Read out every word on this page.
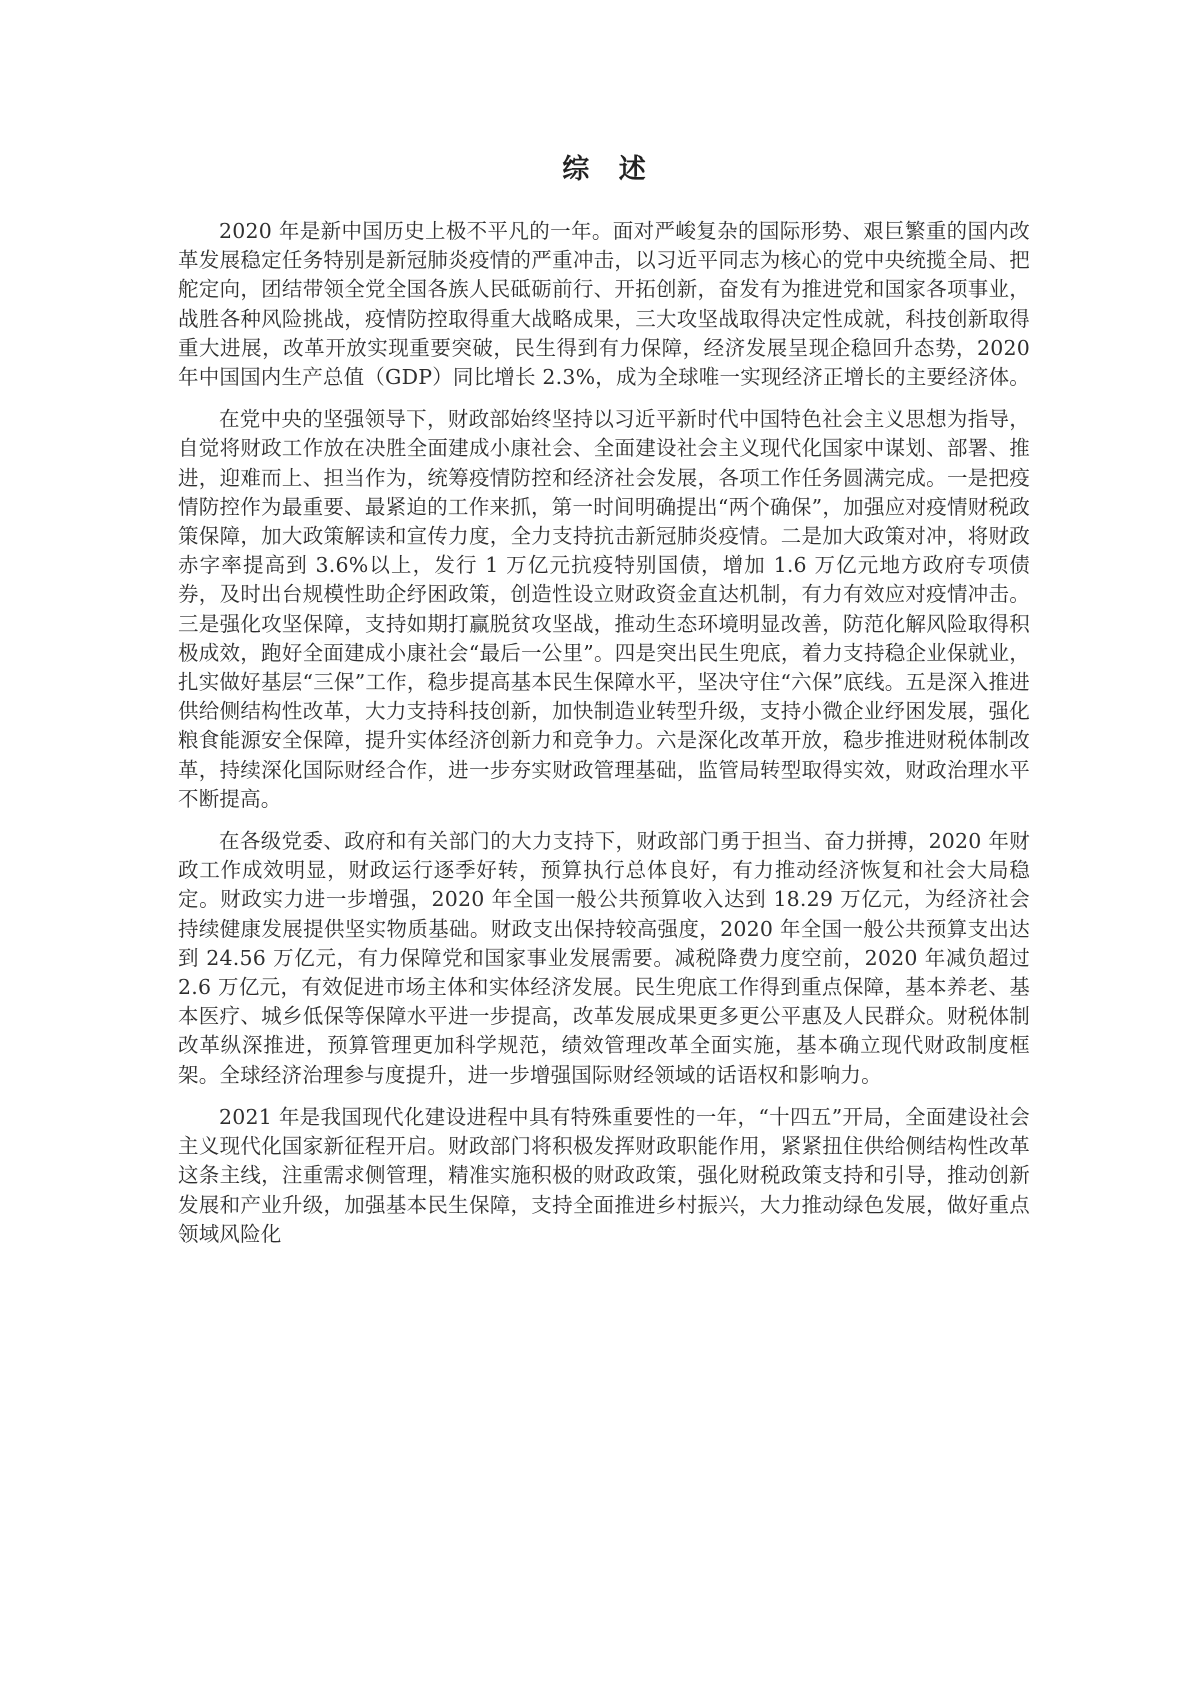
综 述

2020 年是新中国历史上极不平凡的一年。面对严峻复杂的国际形势、艰巨繁重的国内改革发展稳定任务特别是新冠肺炎疫情的严重冲击，以习近平同志为核心的党中央统揽全局、把舵定向，团结带领全党全国各族人民砥砺前行、开拓创新，奋发有为推进党和国家各项事业，战胜各种风险挑战，疫情防控取得重大战略成果，三大攻坚战取得决定性成就，科技创新取得重大进展，改革开放实现重要突破，民生得到有力保障，经济发展呈现企稳回升态势，2020 年中国国内生产总值（GDP）同比增长 2.3%，成为全球唯一实现经济正增长的主要经济体。

在党中央的坚强领导下，财政部始终坚持以习近平新时代中国特色社会主义思想为指导，自觉将财政工作放在决胜全面建成小康社会、全面建设社会主义现代化国家中谋划、部署、推进，迎难而上、担当作为，统筹疫情防控和经济社会发展，各项工作任务圆满完成。一是把疫情防控作为最重要、最紧迫的工作来抓，第一时间明确提出“两个确保”，加强应对疫情财税政策保障，加大政策解读和宣传力度，全力支持抗击新冠肺炎疫情。二是加大政策对冲，将财政赤字率提高到 3.6%以上，发行 1 万亿元抗疫特别国债，增加 1.6 万亿元地方政府专项债券，及时出台规模性助企纾困政策，创造性设立财政资金直达机制，有力有效应对疫情冲击。三是强化攻坚保障，支持如期打赢脱贫攻坚战，推动生态环境明显改善，防范化解风险取得积极成效，跑好全面建成小康社会“最后一公里”。四是突出民生兜底，着力支持稳企业保就业，扎实做好基层“三保”工作，稳步提高基本民生保障水平，坚决守住“六保”底线。五是深入推进供给侧结构性改革，大力支持科技创新，加快制造业转型升级，支持小微企业纾困发展，强化粮食能源安全保障，提升实体经济创新力和竞争力。六是深化改革开放，稳步推进财税体制改革，持续深化国际财经合作，进一步夯实财政管理基础，监管局转型取得实效，财政治理水平不断提高。

在各级党委、政府和有关部门的大力支持下，财政部门勇于担当、奋力拼搏，2020 年财政工作成效明显，财政运行逐季好转，预算执行总体良好，有力推动经济恢复和社会大局稳定。财政实力进一步增强，2020 年全国一般公共预算收入达到 18.29 万亿元，为经济社会持续健康发展提供坚实物质基础。财政支出保持较高强度，2020 年全国一般公共预算支出达到 24.56 万亿元，有力保障党和国家事业发展需要。减税降费力度空前，2020 年减负超过 2.6 万亿元，有效促进市场主体和实体经济发展。民生兜底工作得到重点保障，基本养老、基本医疗、城乡低保等保障水平进一步提高，改革发展成果更多更公平惠及人民群众。财税体制改革纵深推进，预算管理更加科学规范，绩效管理改革全面实施，基本确立现代财政制度框架。全球经济治理参与度提升，进一步增强国际财经领域的话语权和影响力。

2021 年是我国现代化建设进程中具有特殊重要性的一年，“十四五”开局，全面建设社会主义现代化国家新征程开启。财政部门将积极发挥财政职能作用，紧紧扭住供给侧结构性改革这条主线，注重需求侧管理，精准实施积极的财政政策，强化财税政策支持和引导，推动创新发展和产业升级，加强基本民生保障，支持全面推进乡村振兴，大力推动绿色发展，做好重点领域风险化
